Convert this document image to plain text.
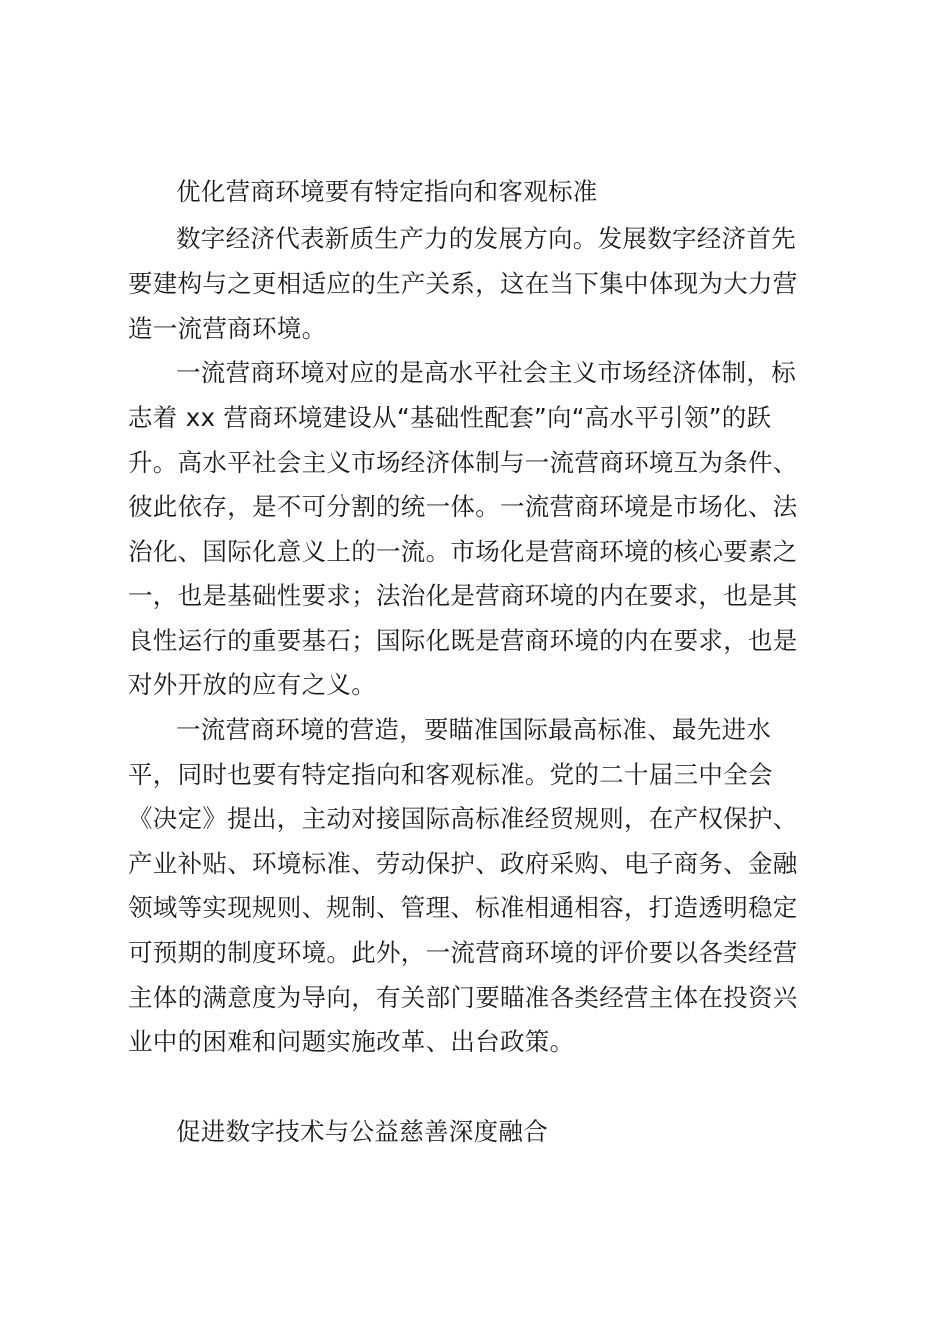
优化营商环境要有特定指向和客观标准
数字经济代表新质生产力的发展方向。发展数字经济首先
要建构与之更相适应的生产关系，这在当下集中体现为大力营
造一流营商环境。
一流营商环境对应的是高水平社会主义市场经济体制，标
志着 xx 营商环境建设从“基础性配套”向“高水平引领”的跃
升。高水平社会主义市场经济体制与一流营商环境互为条件、
彼此依存，是不可分割的统一体。一流营商环境是市场化、法
治化、国际化意义上的一流。市场化是营商环境的核心要素之
一，也是基础性要求；法治化是营商环境的内在要求，也是其
良性运行的重要基石；国际化既是营商环境的内在要求，也是
对外开放的应有之义。
一流营商环境的营造，要瞄准国际最高标准、最先进水
平，同时也要有特定指向和客观标准。党的二十届三中全会
《决定》提出，主动对接国际高标准经贸规则，在产权保护、
产业补贴、环境标准、劳动保护、政府采购、电子商务、金融
领域等实现规则、规制、管理、标准相通相容，打造透明稳定
可预期的制度环境。此外，一流营商环境的评价要以各类经营
主体的满意度为导向，有关部门要瞄准各类经营主体在投资兴
业中的困难和问题实施改革、出台政策。
促进数字技术与公益慈善深度融合
